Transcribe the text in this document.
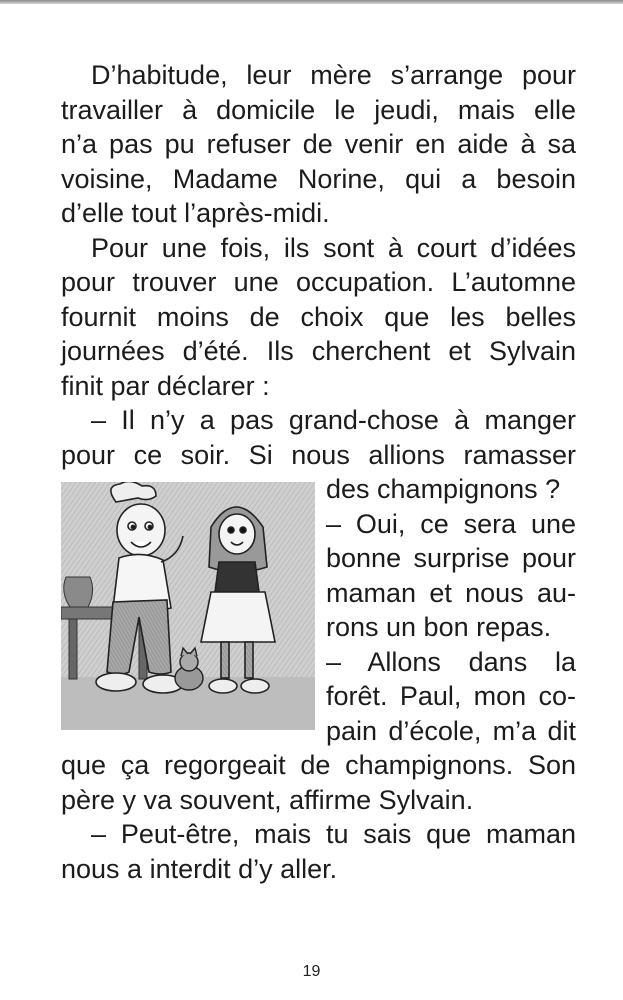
D’habitude, leur mère s’arrange pour
travailler à domicile le jeudi, mais elle
n’a pas pu refuser de venir en aide à sa
voisine, Madame Norine, qui a besoin
d’elle tout l’après-midi.
Pour une fois, ils sont à court d’idées
pour trouver une occupation. L’automne
fournit moins de choix que les belles
journées d’été. Ils cherchent et Sylvain
finit par déclarer :
– Il n’y a pas grand-chose à manger
pour ce soir. Si nous allions ramasser
des champignons ?
– Oui, ce sera une
bonne surprise pour
maman et nous au-
rons un bon repas.
– Allons dans la
forêt. Paul, mon co-
pain d’école, m’a dit
que ça regorgeait de champignons. Son
père y va souvent, affirme Sylvain.
– Peut-être, mais tu sais que maman
nous a interdit d’y aller.
19
